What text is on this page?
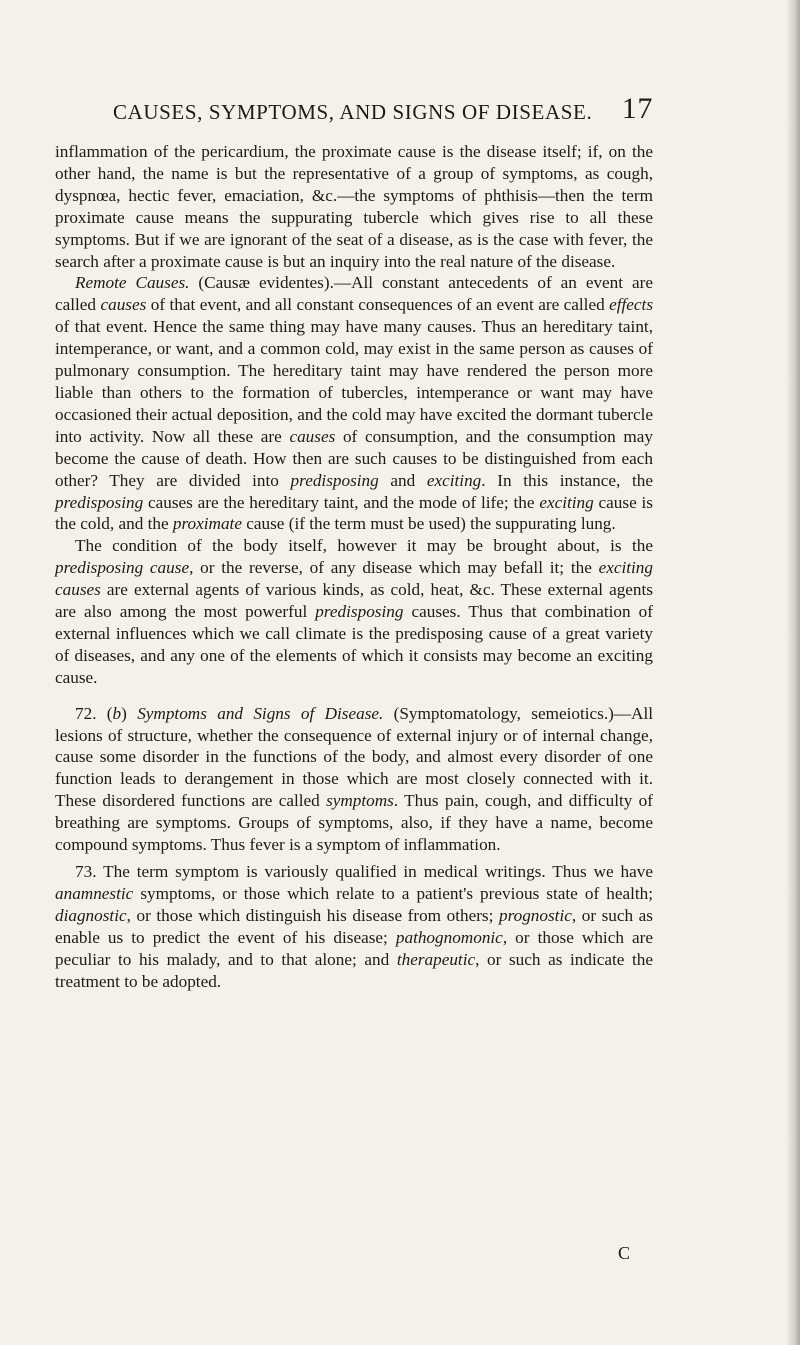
CAUSES, SYMPTOMS, AND SIGNS OF DISEASE. 17

inflammation of the pericardium, the proximate cause is the disease itself; if, on the other hand, the name is but the representative of a group of symptoms, as cough, dyspnœa, hectic fever, emaciation, &c.—the symptoms of phthisis—then the term proximate cause means the suppurating tubercle which gives rise to all these symptoms. But if we are ignorant of the seat of a disease, as is the case with fever, the search after a proximate cause is but an inquiry into the real nature of the disease.

Remote Causes. (Causæ evidentes).—All constant antecedents of an event are called causes of that event, and all constant consequences of an event are called effects of that event. Hence the same thing may have many causes. Thus an hereditary taint, intemperance, or want, and a common cold, may exist in the same person as causes of pulmonary consumption. The hereditary taint may have rendered the person more liable than others to the formation of tubercles, intemperance or want may have occasioned their actual deposition, and the cold may have excited the dormant tubercle into activity. Now all these are causes of consumption, and the consumption may become the cause of death. How then are such causes to be distinguished from each other? They are divided into predisposing and exciting. In this instance, the predisposing causes are the hereditary taint, and the mode of life; the exciting cause is the cold, and the proximate cause (if the term must be used) the suppurating lung.

The condition of the body itself, however it may be brought about, is the predisposing cause, or the reverse, of any disease which may befall it; the exciting causes are external agents of various kinds, as cold, heat, &c. These external agents are also among the most powerful predisposing causes. Thus that combination of external influences which we call climate is the predisposing cause of a great variety of diseases, and any one of the elements of which it consists may become an exciting cause.

72. (b) Symptoms and Signs of Disease. (Symptomatology, semeiotics.)—All lesions of structure, whether the consequence of external injury or of internal change, cause some disorder in the functions of the body, and almost every disorder of one function leads to derangement in those which are most closely connected with it. These disordered functions are called symptoms. Thus pain, cough, and difficulty of breathing are symptoms. Groups of symptoms, also, if they have a name, become compound symptoms. Thus fever is a symptom of inflammation.

73. The term symptom is variously qualified in medical writings. Thus we have anamnestic symptoms, or those which relate to a patient's previous state of health; diagnostic, or those which distinguish his disease from others; prognostic, or such as enable us to predict the event of his disease; pathognomonic, or those which are peculiar to his malady, and to that alone; and therapeutic, or such as indicate the treatment to be adopted.

C
